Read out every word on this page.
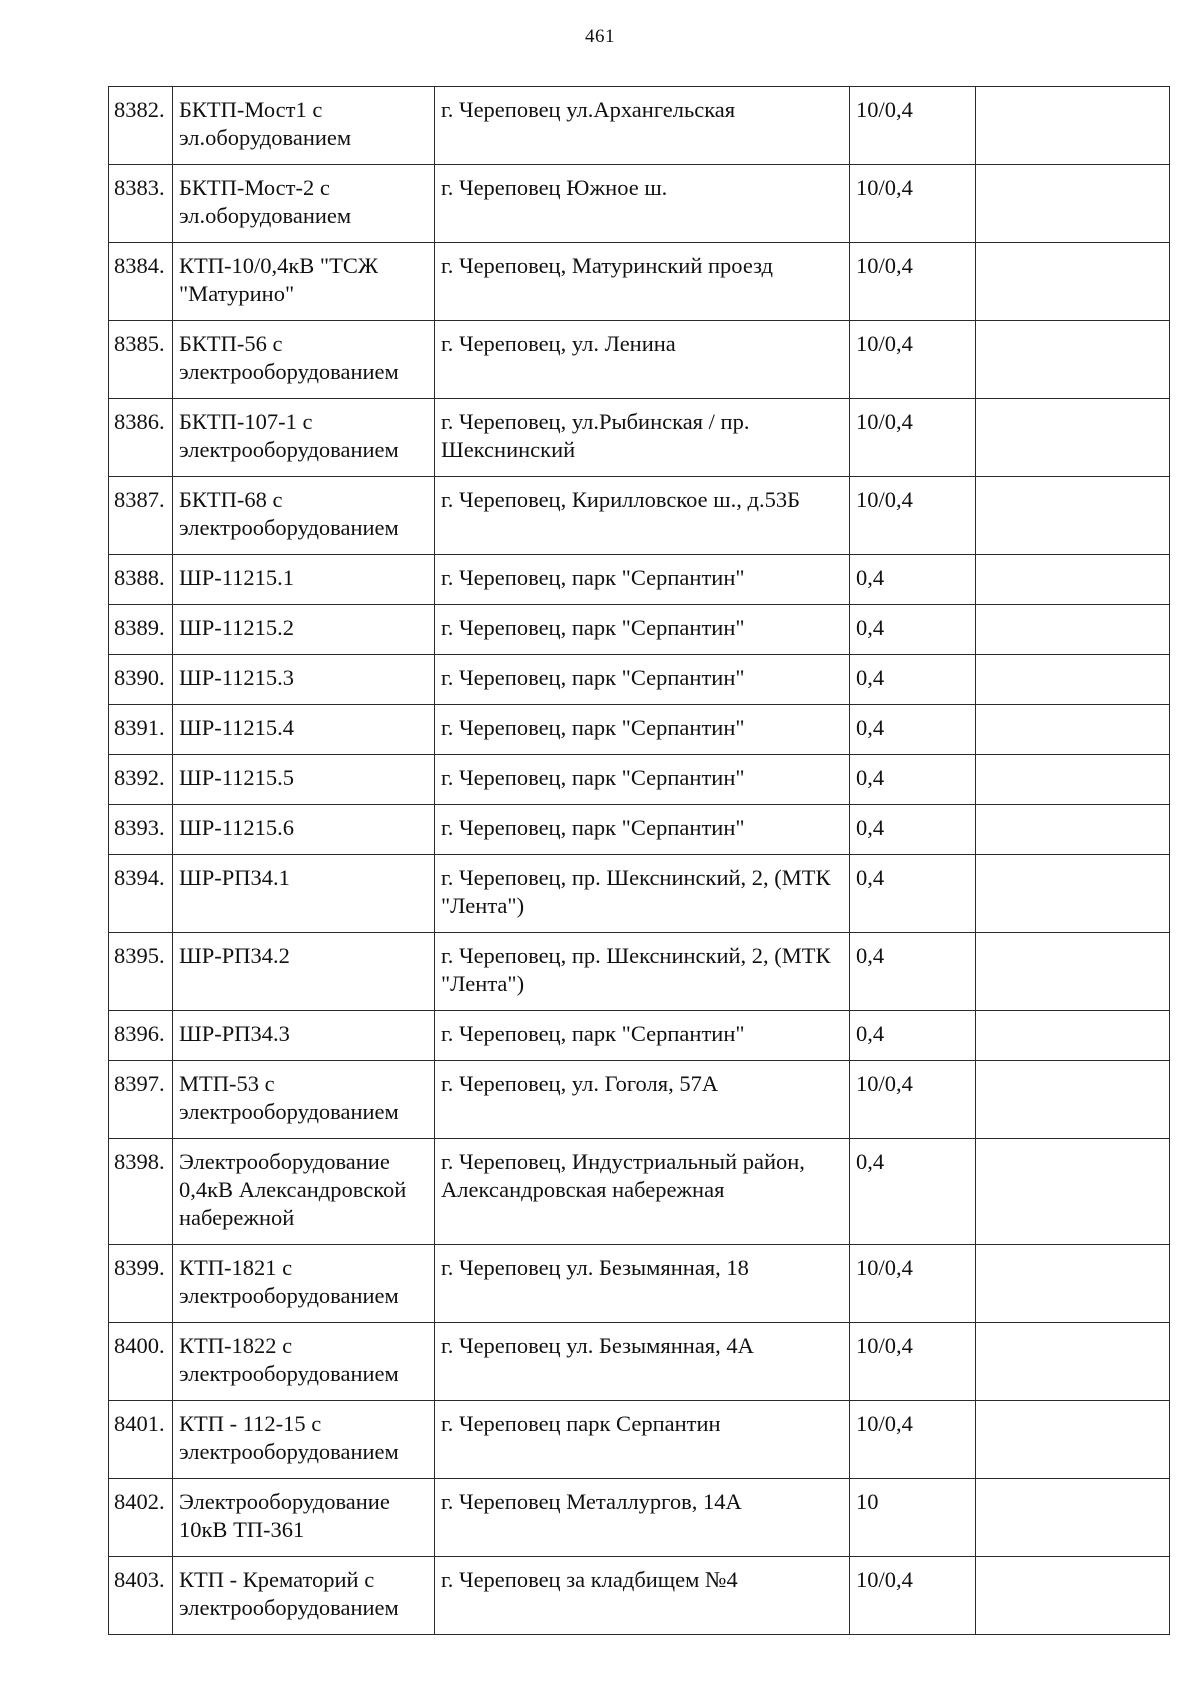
461
8382.	БКТП-Мост1 с эл.оборудованием	г. Череповец ул.Архангельская	10/0,4	
8383.	БКТП-Мост-2 с эл.оборудованием	г. Череповец Южное ш.	10/0,4	
8384.	КТП-10/0,4кВ "ТСЖ "Матурино"	г. Череповец, Матуринский проезд	10/0,4	
8385.	БКТП-56 с электрооборудованием	г. Череповец, ул. Ленина	10/0,4	
8386.	БКТП-107-1 с электрооборудованием	г. Череповец, ул.Рыбинская / пр. Шекснинский	10/0,4	
8387.	БКТП-68 с электрооборудованием	г. Череповец, Кирилловское ш., д.53Б	10/0,4	
8388.	ШР-11215.1	г. Череповец, парк "Серпантин"	0,4	
8389.	ШР-11215.2	г. Череповец, парк "Серпантин"	0,4	
8390.	ШР-11215.3	г. Череповец, парк "Серпантин"	0,4	
8391.	ШР-11215.4	г. Череповец, парк "Серпантин"	0,4	
8392.	ШР-11215.5	г. Череповец, парк "Серпантин"	0,4	
8393.	ШР-11215.6	г. Череповец, парк "Серпантин"	0,4	
8394.	ШР-РП34.1	г. Череповец, пр. Шекснинский, 2, (МТК "Лента")	0,4	
8395.	ШР-РП34.2	г. Череповец, пр. Шекснинский, 2, (МТК "Лента")	0,4	
8396.	ШР-РП34.3	г. Череповец, парк "Серпантин"	0,4	
8397.	МТП-53 с электрооборудованием	г. Череповец, ул. Гоголя, 57А	10/0,4	
8398.	Электрооборудование 0,4кВ Александровской набережной	г. Череповец, Индустриальный район, Александровская набережная	0,4	
8399.	КТП-1821 с электрооборудованием	г. Череповец ул. Безымянная, 18	10/0,4	
8400.	КТП-1822 с электрооборудованием	г. Череповец ул. Безымянная, 4А	10/0,4	
8401.	КТП - 112-15 с электрооборудованием	г. Череповец парк Серпантин	10/0,4	
8402.	Электрооборудование 10кВ ТП-361	г. Череповец Металлургов, 14А	10	
8403.	КТП - Крематорий с электрооборудованием	г. Череповец за кладбищем №4	10/0,4	
